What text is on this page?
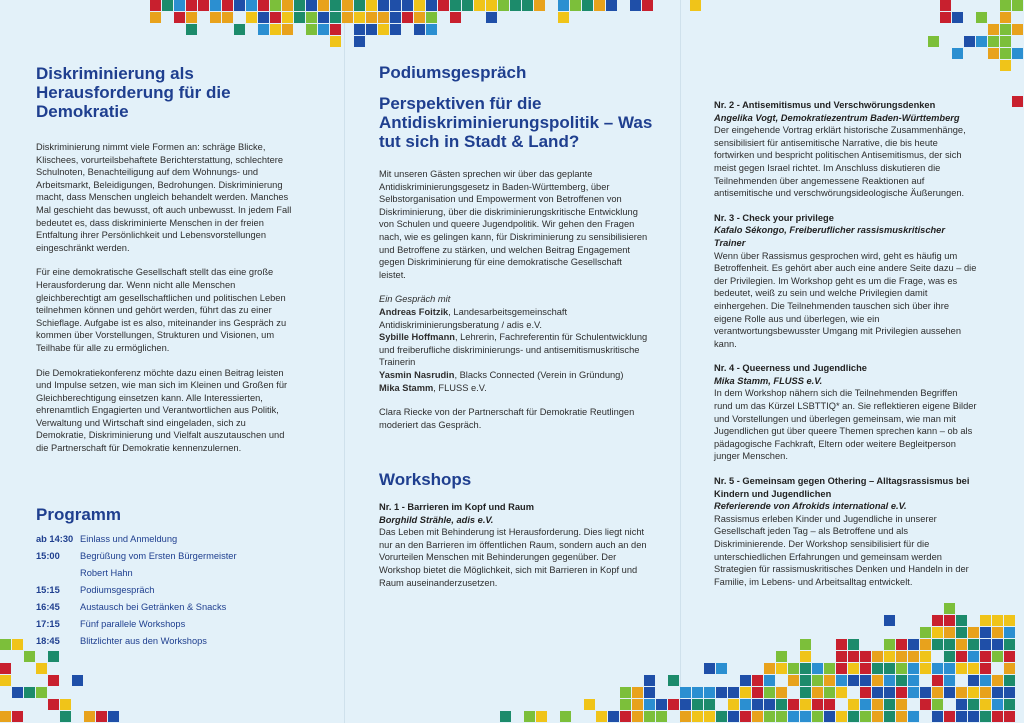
Diskriminierung als Herausforderung für die Demokratie

Diskriminierung nimmt viele Formen an: schräge Blicke, Klischees, vorurteilsbehaftete Berichterstattung, schlechtere Schulnoten, Benachteiligung auf dem Wohnungs- und Arbeitsmarkt, Beleidigungen, Bedrohungen. Diskriminierung macht, dass Menschen ungleich behandelt werden. Manches Mal geschieht das bewusst, oft auch unbewusst. In jedem Fall bedeutet es, dass diskriminierte Menschen in der freien Entfaltung ihrer Persönlichkeit und Lebensvorstellungen eingeschränkt werden.

Für eine demokratische Gesellschaft stellt das eine große Herausforderung dar. Wenn nicht alle Menschen gleichberechtigt am gesellschaftlichen und politischen Leben teilnehmen können und gehört werden, führt das zu einer Schieflage. Aufgabe ist es also, miteinander ins Gespräch zu kommen über Vorstellungen, Strukturen und Visionen, um Teilhabe für alle zu ermöglichen.

Die Demokratiekonferenz möchte dazu einen Beitrag leisten und Impulse setzen, wie man sich im Kleinen und Großen für Gleichberechtigung einsetzen kann. Alle Interessierten, ehrenamtlich Engagierten und Verantwortlichen aus Politik, Verwaltung und Wirtschaft sind eingeladen, sich zu Demokratie, Diskriminierung und Vielfalt auszutauschen und die Partnerschaft für Demokratie kennenzulernen.

Programm
ab 14:30 Einlass und Anmeldung
15:00	Begrüßung vom Ersten Bürgermeister
Robert Hahn
15:15	Podiumsgespräch
16:45	Austausch bei Getränken & Snacks
17:15	Fünf parallele Workshops
18:45	Blitzlichter aus den Workshops
Podiumsgespräch
Perspektiven für die Antidiskriminierungspolitik – Was tut sich in Stadt & Land?

Mit unseren Gästen sprechen wir über das geplante Antidiskriminierungsgesetz in Baden-Württemberg, über Selbstorganisation und Empowerment von Betroffenen von Diskriminierung, über die diskriminierungskritische Entwicklung von Schulen und queere Jugendpolitik. Wir gehen den Fragen nach, wie es gelingen kann, für Diskriminierung zu sensibilisieren und Betroffene zu stärken, und welchen Beitrag Engagement gegen Diskriminierung für eine demokratische Gesellschaft leistet.

Ein Gespräch mit
Andreas Foitzik, Landesarbeitsgemeinschaft Antidiskriminierungsberatung / adis e.V.
Sybille Hoffmann, Lehrerin, Fachreferentin für Schulentwicklung und freiberufliche diskriminierungs- und antisemitismuskritische Trainerin
Yasmin Nasrudin, Blacks Connected (Verein in Gründung)
Mika Stamm, FLUSS e.V.

Clara Riecke von der Partnerschaft für Demokratie Reutlingen moderiert das Gespräch.

Workshops
Nr. 1 - Barrieren im Kopf und Raum
Borghild Strähle, adis e.V.
Das Leben mit Behinderung ist Herausforderung. Dies liegt nicht nur an den Barrieren im öffentlichen Raum, sondern auch an den Vorurteilen Menschen mit Behinderungen gegenüber. Der Workshop bietet die Möglichkeit, sich mit Barrieren in Kopf und Raum auseinanderzusetzen.
Nr. 2 - Antisemitismus und Verschwörungsdenken
Angelika Vogt, Demokratiezentrum Baden-Württemberg
Der eingehende Vortrag erklärt historische Zusammenhänge, sensibilisiert für antisemitische Narrative, die bis heute fortwirken und bespricht politischen Antisemitismus, der sich meist gegen Israel richtet. Im Anschluss diskutieren die Teilnehmenden über angemessene Reaktionen auf antisemitische und verschwörungsideologische Äußerungen.
Nr. 3 - Check your privilege
Kafalo Sékongo, Freiberuflicher rassismuskritischer Trainer
Wenn über Rassismus gesprochen wird, geht es häufig um Betroffenheit. Es gehört aber auch eine andere Seite dazu – die der Privilegien. Im Workshop geht es um die Frage, was es bedeutet, weiß zu sein und welche Privilegien damit einhergehen. Die Teilnehmenden tauschen sich über ihre eigene Rolle aus und überlegen, wie ein verantwortungsbewusster Umgang mit Privilegien aussehen kann.
Nr. 4 - Queerness und Jugendliche
Mika Stamm, FLUSS e.V.
In dem Workshop nähern sich die Teilnehmenden Begriffen rund um das Kürzel LSBTTIQ* an. Sie reflektieren eigene Bilder und Vorstellungen und überlegen gemeinsam, wie man mit Jugendlichen gut über queere Themen sprechen kann – ob als pädagogische Fachkraft, Eltern oder weitere Begleitperson junger Menschen.
Nr. 5 - Gemeinsam gegen Othering – Alltagsrassismus bei Kindern und Jugendlichen
Referierende von Afrokids international e.V.
Rassismus erleben Kinder und Jugendliche in unserer Gesellschaft jeden Tag – als Betroffene und als Diskriminierende. Der Workshop sensibilisiert für die unterschiedlichen Erfahrungen und gemeinsam werden Strategien für rassismuskritisches Denken und Handeln in der Familie, im Lebens- und Arbeitsalltag entwickelt.
